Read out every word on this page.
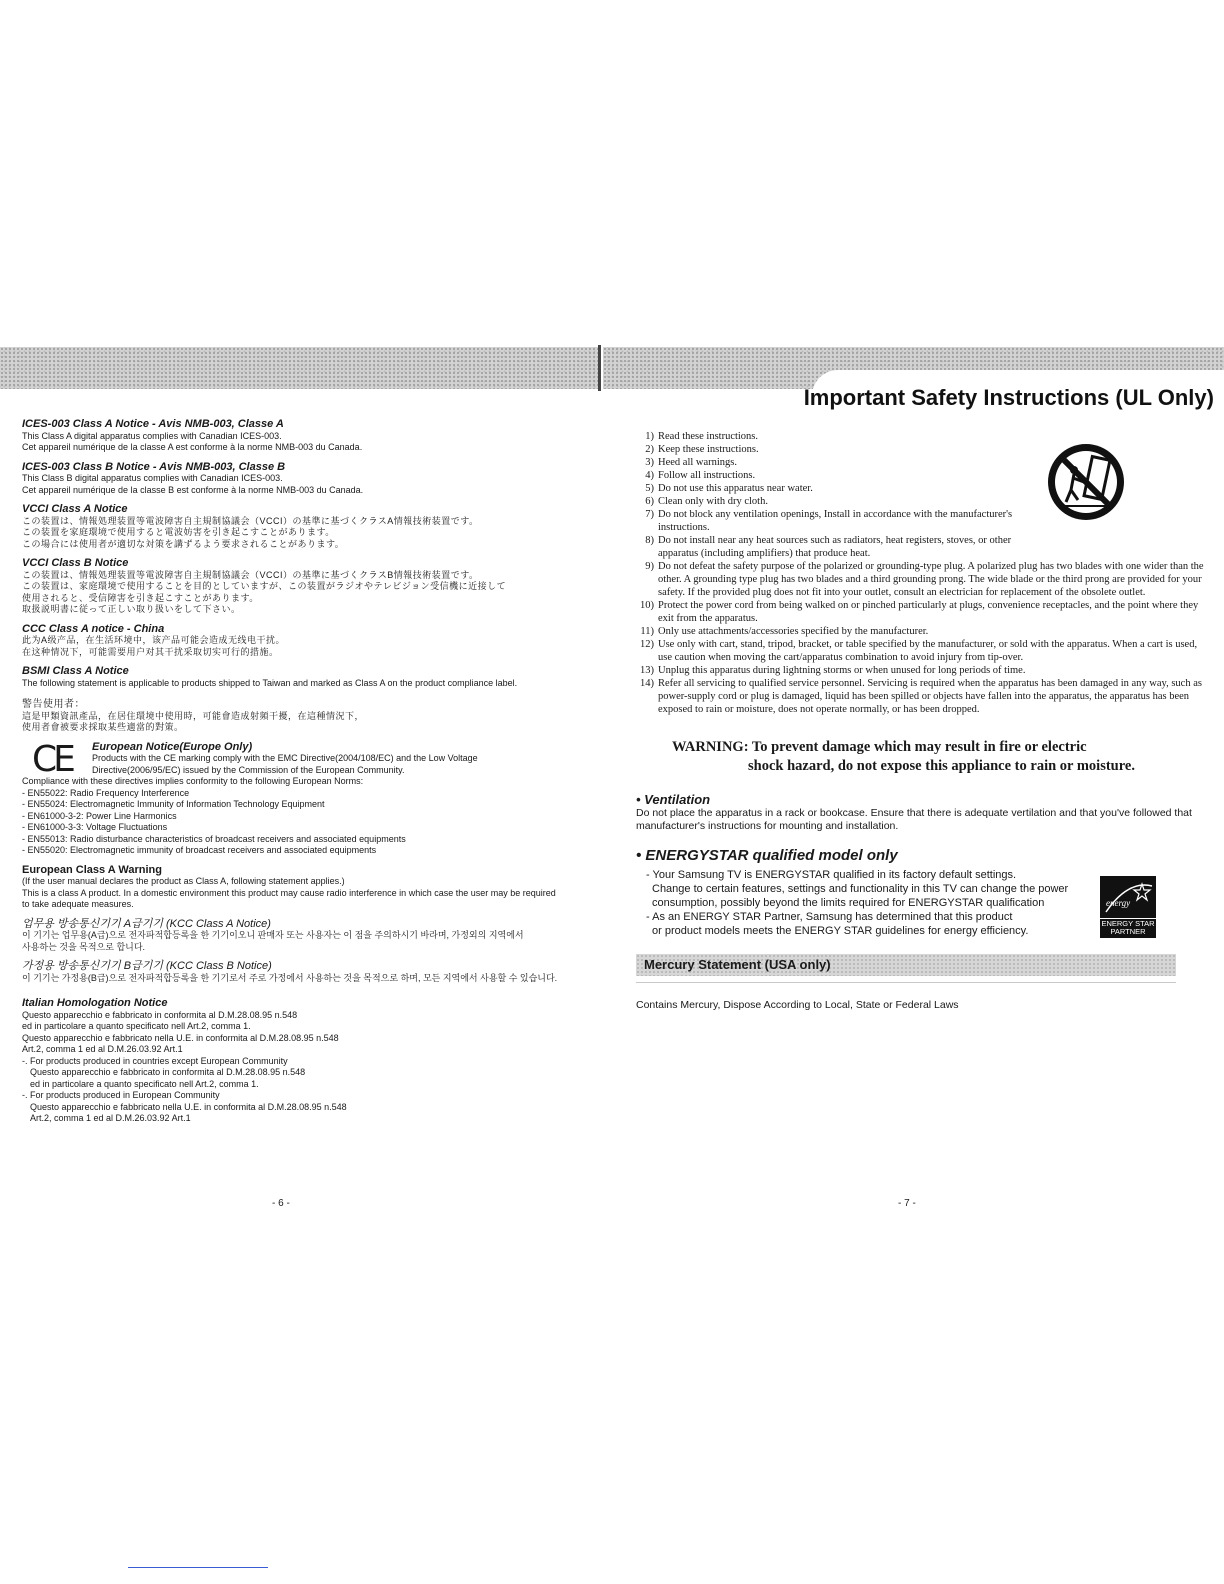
Important Safety Instructions (UL Only)
ICES-003 Class A Notice - Avis NMB-003, Classe A

This Class A digital apparatus complies with Canadian ICES-003.

Cet appareil numérique de la classe A est conforme à la norme NMB-003 du Canada.

ICES-003 Class B Notice - Avis NMB-003, Classe B

This Class B digital apparatus complies with Canadian ICES-003.

Cet appareil numérique de la classe B est conforme à la norme NMB-003 du Canada.

VCCI Class A Notice

この装置は、情報処理装置等電波障害自主規制協議会（VCCI）の基準に基づくクラスA情報技術装置です。

この装置を家庭環境で使用すると電波妨害を引き起こすことがあります。

この場合には使用者が適切な対策を講ずるよう要求されることがあります。

VCCI Class B Notice

この装置は、情報処理装置等電波障害自主規制協議会（VCCI）の基準に基づくクラスB情報技術装置です。

この装置は、家庭環境で使用することを目的としていますが、この装置がラジオやテレビジョン受信機に近接して

使用されると、受信障害を引き起こすことがあります。

取扱説明書に従って正しい取り扱いをして下さい。

CCC Class A notice - China

此为A级产品，在生活环境中，该产品可能会造成无线电干扰。

在这种情况下，可能需要用户对其干扰采取切实可行的措施。

BSMI Class A Notice

The following statement is applicable to products shipped to Taiwan and marked as Class A on the product compliance label.

警告使用者：

這是甲類資訊產品，在居住環境中使用時，可能會造成射頻干擾，在這種情況下，

使用者會被要求採取某些適當的對策。

CE European Notice(Europe Only)

Products with the CE marking comply with the EMC Directive(2004/108/EC) and the Low Voltage Directive(2006/95/EC) issued by the Commission of the European Community.

Compliance with these directives implies conformity to the following European Norms:

- EN55022: Radio Frequency Interference

- EN55024: Electromagnetic Immunity of Information Technology Equipment

- EN61000-3-2: Power Line Harmonics

- EN61000-3-3: Voltage Fluctuations

- EN55013: Radio disturbance characteristics of broadcast receivers and associated equipments

- EN55020: Electromagnetic immunity of broadcast receivers and associated equipments

European Class A Warning

(If the user manual declares the product as Class A, following statement applies.)

This is a class A product. In a domestic environment this product may cause radio interference in which case the user may be required to take adequate measures.

업무용 방송통신기기 A급기기 (KCC Class A Notice)

이 기기는 업무용(A급)으로 전자파적합등록을 한 기기이오니 판매자 또는 사용자는 이 점을 주의하시기 바라며, 가정외의 지역에서

사용하는 것을 목적으로 합니다.

가정용 방송통신기기 B급기기 (KCC Class B Notice)

이 기기는 가정용(B급)으로 전자파적합등록을 한 기기로서 주로 가정에서 사용하는 것을 목적으로 하며, 모든 지역에서 사용할 수 있습니다.

Italian Homologation Notice

Questo apparecchio e fabbricato in conformita al D.M.28.08.95 n.548

ed in particolare a quanto specificato nell Art.2, comma 1.

Questo apparecchio e fabbricato nella U.E. in conformita al D.M.28.08.95 n.548

Art.2, comma 1 ed al D.M.26.03.92 Art.1

-. For products produced in countries except European Community

Questo apparecchio e fabbricato in conformita al D.M.28.08.95 n.548

ed in particolare a quanto specificato nell Art.2, comma 1.

-. For products produced in European Community

Questo apparecchio e fabbricato nella U.E. in conformita al D.M.28.08.95 n.548

Art.2, comma 1 ed al D.M.26.03.92 Art.1

- 6 -
1 ) Read these instructions.
2 ) Keep these instructions.
3 ) Heed all warnings.
4 ) Follow all instructions.
5 ) Do not use this apparatus near water.
6 ) Clean only with dry cloth.
7 ) Do not block any ventilation openings, Install in accordance with the manufacturer's instructions.
8 ) Do not install near any heat sources such as radiators, heat registers, stoves, or other apparatus (including amplifiers) that produce heat.
9 ) Do not defeat the safety purpose of the polarized or grounding-type plug. A polarized plug has two blades with one wider than the other. A grounding type plug has two blades and a third grounding prong. The wide blade or the third prong are provided for your safety. If the provided plug does not fit into your outlet, consult an electrician for replacement of the obsolete outlet.
10 ) Protect the power cord from being walked on or pinched particularly at plugs, convenience receptacles, and the point where they exit from the apparatus.
11 ) Only use attachments/accessories specified by the manufacturer.
12 ) Use only with cart, stand, tripod, bracket, or table specified by the manufacturer, or sold with the apparatus. When a cart is used, use caution when moving the cart/apparatus combination to avoid injury from tip-over.
13 ) Unplug this apparatus during lightning storms or when unused for long periods of time.
14 ) Refer all servicing to qualified service personnel. Servicing is required when the apparatus has been damaged in any way, such as power-supply cord or plug is damaged, liquid has been spilled or objects have fallen into the apparatus, the apparatus has been exposed to rain or moisture, does not operate normally, or has been dropped.
WARNING: To prevent damage which may result in fire or electric
shock hazard, do not expose this appliance to rain or moisture.
• Ventilation

Do not place the apparatus in a rack or bookcase. Ensure that there is adequate vertilation and that you've followed that manufacturer's instructions for mounting and installation.

• ENERGYSTAR qualified model only
- Your Samsung TV is ENERGYSTAR qualified in its factory default settings.
Change to certain features, settings and functionality in this TV can change the power consumption, possibly beyond the limits required for ENERGYSTAR qualification
- As an ENERGY STAR Partner, Samsung has determined that this product
or product models meets the ENERGY STAR guidelines for energy efficiency.
Mercury Statement (USA only)

Contains Mercury, Dispose According to Local, State or Federal Laws

- 7 -
energy
ENERGY STAR PARTNER
